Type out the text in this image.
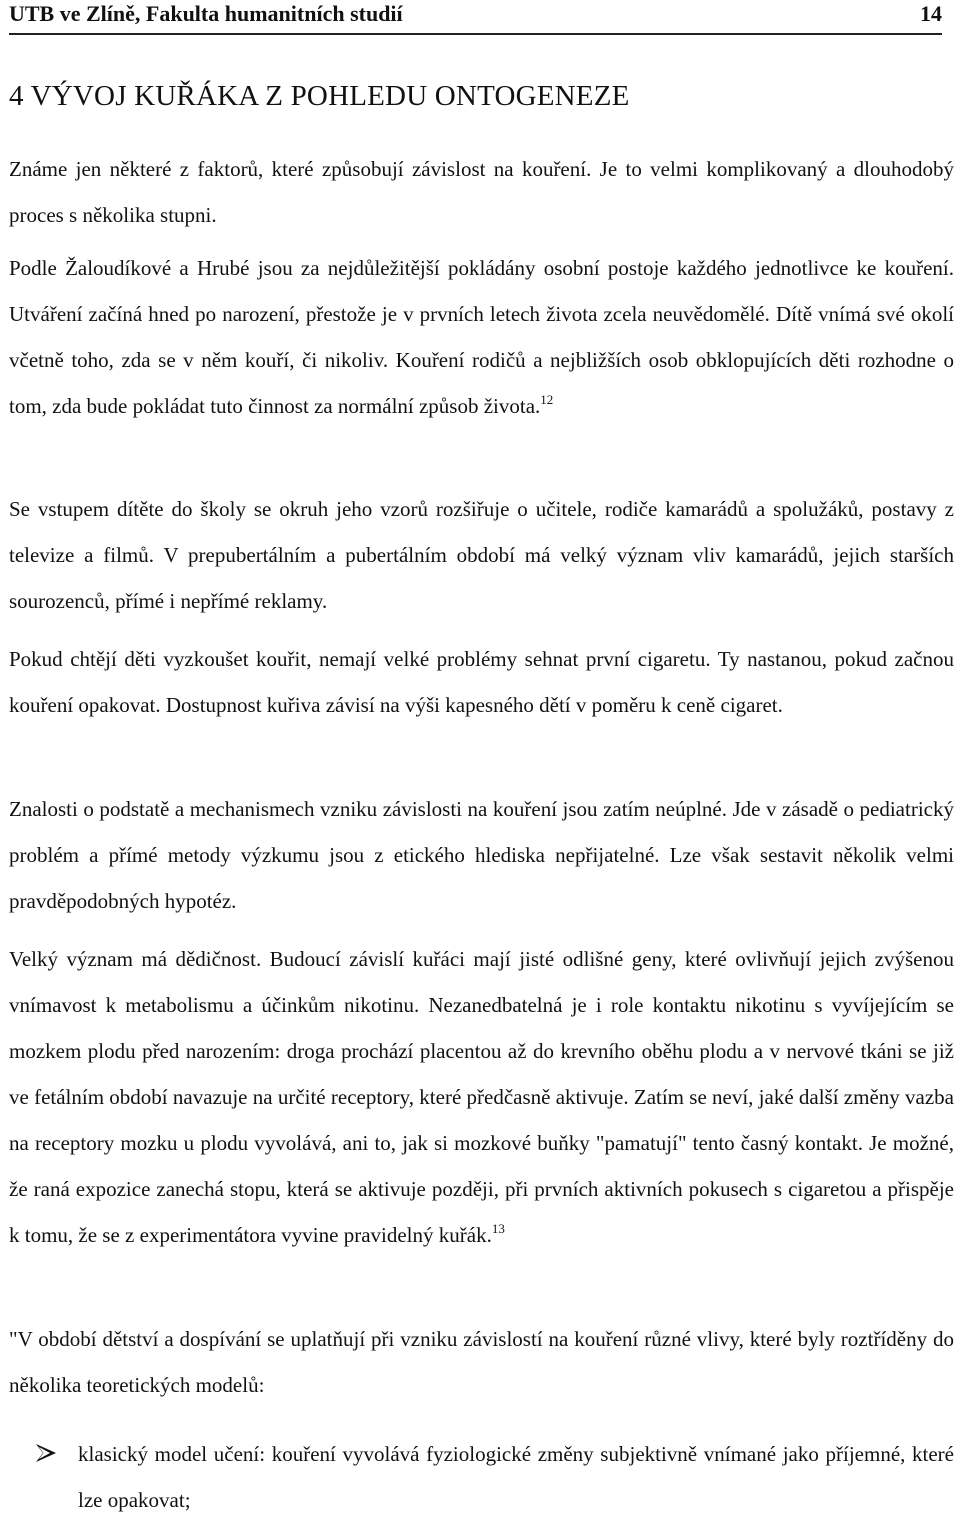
UTB ve Zlíně, Fakulta humanitních studií	14
4 VÝVOJ KUŘÁKA Z POHLEDU ONTOGENEZE

Známe jen některé z faktorů, které způsobují závislost na kouření. Je to velmi komplikovaný a dlouhodobý proces s několika stupni.

Podle Žaloudíkové a Hrubé jsou za nejdůležitější pokládány osobní postoje každého jednotlivce ke kouření. Utváření začíná hned po narození, přestože je v prvních letech života zcela neuvědomělé. Dítě vnímá své okolí včetně toho, zda se v něm kouří, či nikoliv. Kouření rodičů a nejbližších osob obklopujících děti rozhodne o tom, zda bude pokládat tuto činnost za normální způsob života.$^{12}$

Se vstupem dítěte do školy se okruh jeho vzorů rozšiřuje o učitele, rodiče kamarádů a spolužáků, postavy z televize a filmů. V prepubertálním a pubertálním období má velký význam vliv kamarádů, jejich starších sourozenců, přímé i nepřímé reklamy.

Pokud chtějí děti vyzkoušet kouřit, nemají velké problémy sehnat první cigaretu. Ty nastanou, pokud začnou kouření opakovat. Dostupnost kuřiva závisí na výši kapesného dětí v poměru k ceně cigaret.

Znalosti o podstatě a mechanismech vzniku závislosti na kouření jsou zatím neúplné. Jde v zásadě o pediatrický problém a přímé metody výzkumu jsou z etického hlediska nepřijatelné. Lze však sestavit několik velmi pravděpodobných hypotéz.

Velký význam má dědičnost. Budoucí závislí kuřáci mají jisté odlišné geny, které ovlivňují jejich zvýšenou vnímavost k metabolismu a účinkům nikotinu. Nezanedbatelná je i role kontaktu nikotinu s vyvíjejícím se mozkem plodu před narozením: droga prochází placentou až do krevního oběhu plodu a v nervové tkáni se již ve fetálním období navazuje na určité receptory, které předčasně aktivuje. Zatím se neví, jaké další změny vazba na receptory mozku u plodu vyvolává, ani to, jak si mozkové buňky "pamatují" tento časný kontakt. Je možné, že raná expozice zanechá stopu, která se aktivuje později, při prvních aktivních pokusech s cigaretou a přispěje k tomu, že se z experimentátora vyvine pravidelný kuřák.$^{13}$

"V období dětství a dospívání se uplatňují při vzniku závislostí na kouření různé vlivy, které byly roztříděny do několika teoretických modelů:

klasický model učení: kouření vyvolává fyziologické změny subjektivně vnímané jako příjemné, které lze opakovat;
